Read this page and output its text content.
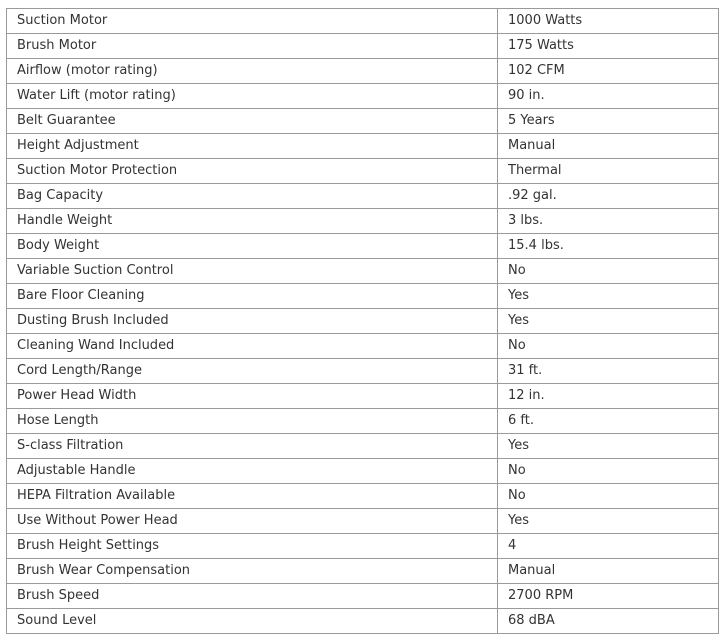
Suction Motor	1000 Watts
Brush Motor	175 Watts
Airflow (motor rating)	102 CFM
Water Lift (motor rating)	90 in.
Belt Guarantee	5 Years
Height Adjustment	Manual
Suction Motor Protection	Thermal
Bag Capacity	.92 gal.
Handle Weight	3 lbs.
Body Weight	15.4 lbs.
Variable Suction Control	No
Bare Floor Cleaning	Yes
Dusting Brush Included	Yes
Cleaning Wand Included	No
Cord Length/Range	31 ft.
Power Head Width	12 in.
Hose Length	6 ft.
S-class Filtration	Yes
Adjustable Handle	No
HEPA Filtration Available	No
Use Without Power Head	Yes
Brush Height Settings	4
Brush Wear Compensation	Manual
Brush Speed	2700 RPM
Sound Level	68 dBA
